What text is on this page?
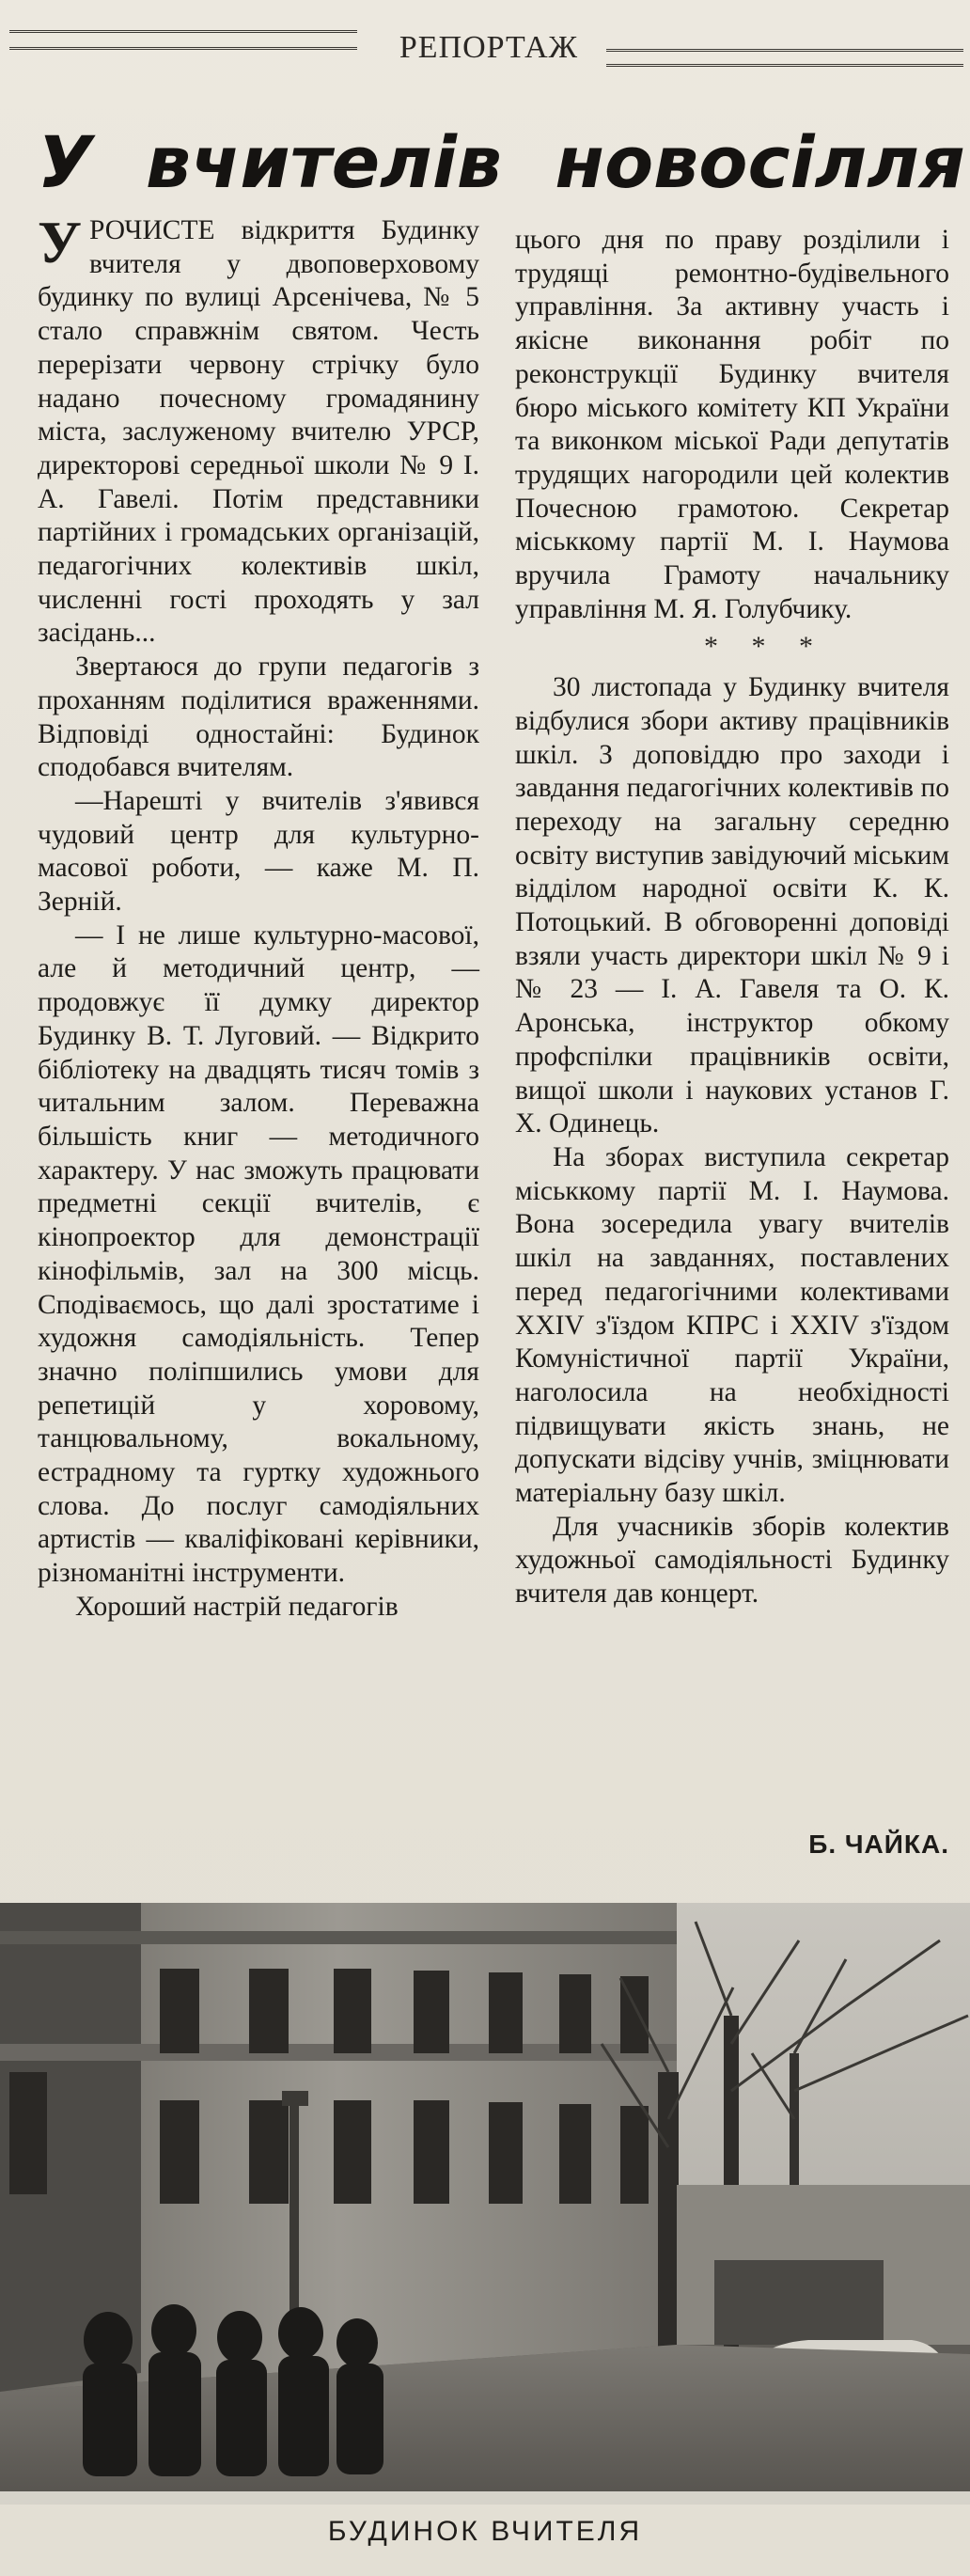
РЕПОРТАЖ
У вчителів новосілля

УРОЧИСТЕ відкриття Будинку вчителя у двоповерховому будинку по вулиці Арсенічева, № 5 стало справжнім святом. Честь перерізати червону стрічку було надано почесному громадянину міста, заслуженому вчителю УРСР, директорові середньої школи № 9 І. А. Гавелі. Потім представники партійних і громадських організацій, педагогічних колективів шкіл, численні гості проходять у зал засідань...

Звертаюся до групи педагогів з проханням поділитися враженнями. Відповіді одностайні: Будинок сподобався вчителям.

—Нарешті у вчителів з'явився чудовий центр для культурно-масової роботи, — каже М. П. Зерній.

— І не лише культурно-масової, але й методичний центр, — продовжує її думку директор Будинку В. Т. Луговий. — Відкрито бібліотеку на двадцять тисяч томів з читальним залом. Переважна більшість книг — методичного характеру. У нас зможуть працювати предметні секції вчителів, є кінопроектор для демонстрації кінофільмів, зал на 300 місць. Сподіваємось, що далі зростатиме і художня самодіяльність. Тепер значно поліпшились умови для репетицій у хоровому, танцювальному, вокальному, естрадному та гуртку художнього слова. До послуг самодіяльних артистів — кваліфіковані керівники, різноманітні інструменти.

Хороший настрій педагогів

цього дня по праву розділили і трудящі ремонтно-будівельного управління. За активну участь і якісне виконання робіт по реконструкції Будинку вчителя бюро міського комітету КП України та виконком міської Ради депутатів трудящих нагородили цей колектив Почесною грамотою. Секретар міськкому партії М. І. Наумова вручила Грамоту начальнику управління М. Я. Голубчику.

* * *

30 листопада у Будинку вчителя відбулися збори активу працівників шкіл. З доповіддю про заходи і завдання педагогічних колективів по переходу на загальну середню освіту виступив завідуючий міським відділом народної освіти К. К. Потоцький. В обговоренні доповіді взяли участь директори шкіл № 9 і № 23 — І. А. Гавеля та О. К. Аронська, інструктор обкому профспілки працівників освіти, вищої школи і наукових установ Г. Х. Одинець.

На зборах виступила секретар міськкому партії М. І. Наумова. Вона зосередила увагу вчителів шкіл на завданнях, поставлених перед педагогічними колективами XXIV з'їздом КПРС і XXIV з'їздом Комуністичної партії України, наголосила на необхідності підвищувати якість знань, не допускати відсіву учнів, зміцнювати матеріальну базу шкіл.

Для учасників зборів колектив художньої самодіяльності Будинку вчителя дав концерт.

Б. ЧАЙКА.
БУДИНОК ВЧИТЕЛЯ
